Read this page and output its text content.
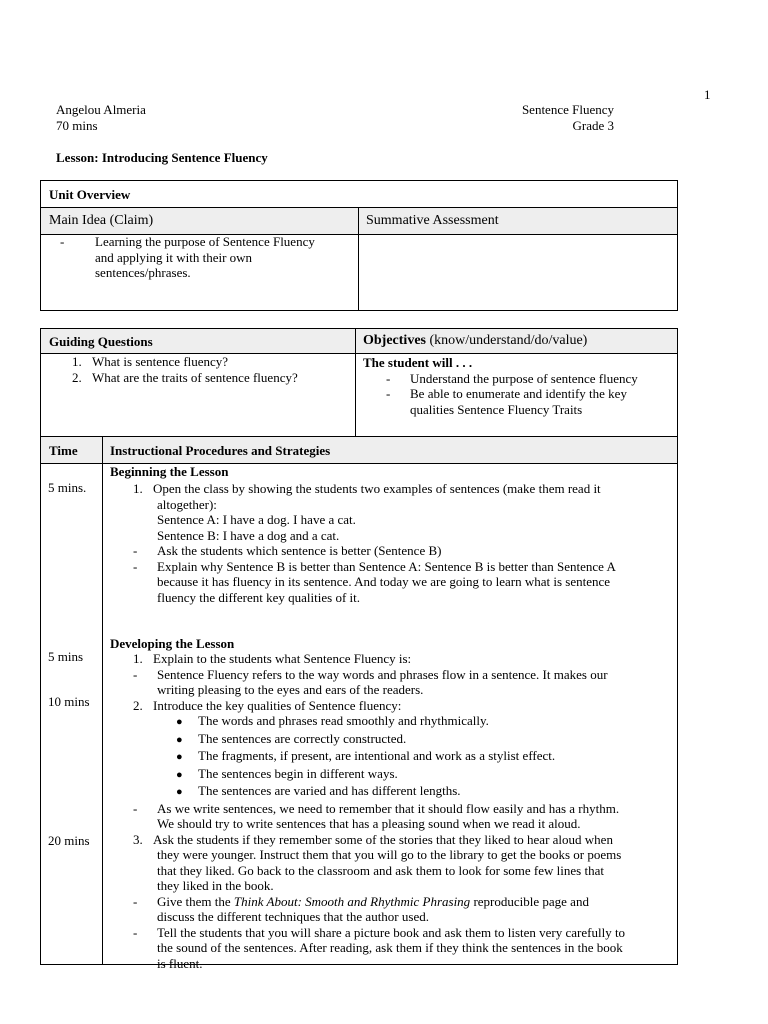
1
Angelou Almeria
70 mins
Sentence Fluency
Grade 3
Lesson: Introducing Sentence Fluency
Unit Overview
Main Idea (Claim)	Summative Assessment
- Learning the purpose of Sentence Fluency
and applying it with their own
sentences/phrases.
Guiding Questions
1. What is sentence fluency?
2. What are the traits of sentence fluency?
Objectives (know/understand/do/value)
The student will . . .
- Understand the purpose of sentence fluency
- Be able to enumerate and identify the key
qualities Sentence Fluency Traits
Time Instructional Procedures and Strategies
5 mins.
5 mins
10 mins
20 mins
Beginning the Lesson
1. Open the class by showing the students two examples of sentences (make them read it
altogether):
Sentence A: I have a dog. I have a cat.
Sentence B: I have a dog and a cat.
- Ask the students which sentence is better (Sentence B)
- Explain why Sentence B is better than Sentence A: Sentence B is better than Sentence A
because it has fluency in its sentence. And today we are going to learn what is sentence
fluency the different key qualities of it.
Developing the Lesson
1. Explain to the students what Sentence Fluency is:
- Sentence Fluency refers to the way words and phrases flow in a sentence. It makes our
writing pleasing to the eyes and ears of the readers.
2. Introduce the key qualities of Sentence fluency:
● The words and phrases read smoothly and rhythmically.
● The sentences are correctly constructed.
● The fragments, if present, are intentional and work as a stylist effect.
● The sentences begin in different ways.
● The sentences are varied and has different lengths.
- As we write sentences, we need to remember that it should flow easily and has a rhythm.
We should try to write sentences that has a pleasing sound when we read it aloud.
3. Ask the students if they remember some of the stories that they liked to hear aloud when
they were younger. Instruct them that you will go to the library to get the books or poems
that they liked. Go back to the classroom and ask them to look for some few lines that
they liked in the book.
- Give them the Think About: Smooth and Rhythmic Phrasing reproducible page and
discuss the different techniques that the author used.
- Tell the students that you will share a picture book and ask them to listen very carefully to
the sound of the sentences. After reading, ask them if they think the sentences in the book
is fluent.
